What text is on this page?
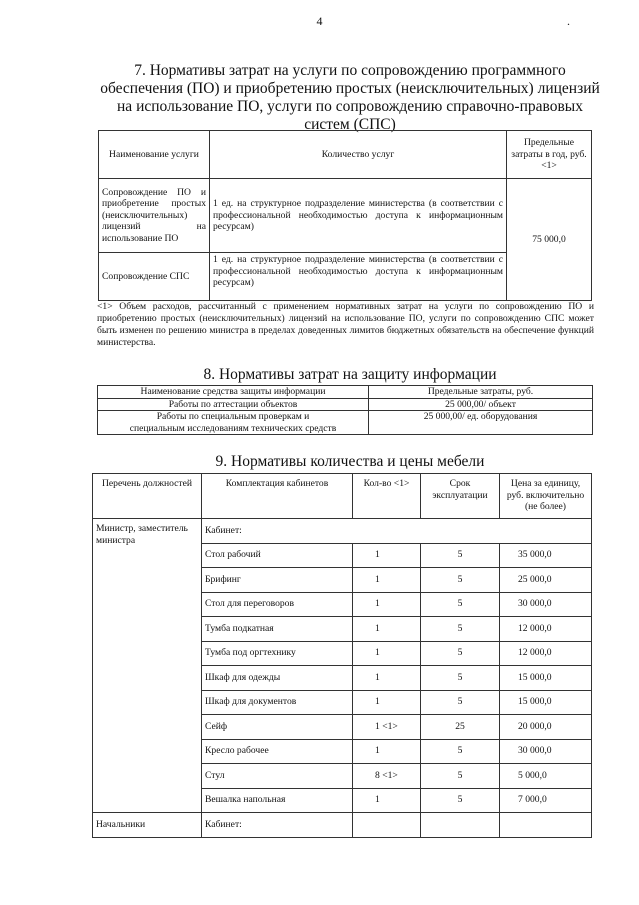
4	.
7. Нормативы затрат на услуги по сопровождению программного обеспечения (ПО) и приобретению простых (неисключительных) лицензий на использование ПО, услуги по сопровождению справочно-правовых систем (СПС)
Наименование услуги	Количество услуг	Предельные затраты в год, руб. <1>
Сопровождение ПО и приобретение простых (неисключительных) лицензий на использование ПО	1 ед. на структурное подразделение министерства (в соответствии с профессиональной необходимостью доступа к информационным ресурсам)	75 000,0
Сопровождение СПС	1 ед. на структурное подразделение министерства (в соответствии с профессиональной необходимостью доступа к информационным ресурсам)	
<1> Объем расходов, рассчитанный с применением нормативных затрат на услуги по сопровождению ПО и приобретению простых (неисключительных) лицензий на использование ПО, услуги по сопровождению СПС может быть изменен по решению министра в пределах доведенных лимитов бюджетных обязательств на обеспечение функций министерства.
8. Нормативы затрат на защиту информации
Наименование средства защиты информации	Предельные затраты, руб.
Работы по аттестации объектов	25 000,00/ объект
Работы по специальным проверкам и специальным исследованиям технических средств	25 000,00/ ед. оборудования
9. Нормативы количества и цены мебели
Перечень должностей	Комплектация кабинетов	Кол-во <1>	Срок эксплуатации	Цена за единицу, руб. включительно (не более)
Министр, заместитель министра	Кабинет:			
	Стол рабочий	1	5	35 000,0
	Брифинг	1	5	25 000,0
	Стол для переговоров	1	5	30 000,0
	Тумба подкатная	1	5	12 000,0
	Тумба под оргтехнику	1	5	12 000,0
	Шкаф для одежды	1	5	15 000,0
	Шкаф для документов	1	5	15 000,0
	Сейф	1 <1>	25	20 000,0
	Кресло рабочее	1	5	30 000,0
	Стул	8 <1>	5	5 000,0
	Вешалка напольная	1	5	7 000,0
Начальники	Кабинет:			
